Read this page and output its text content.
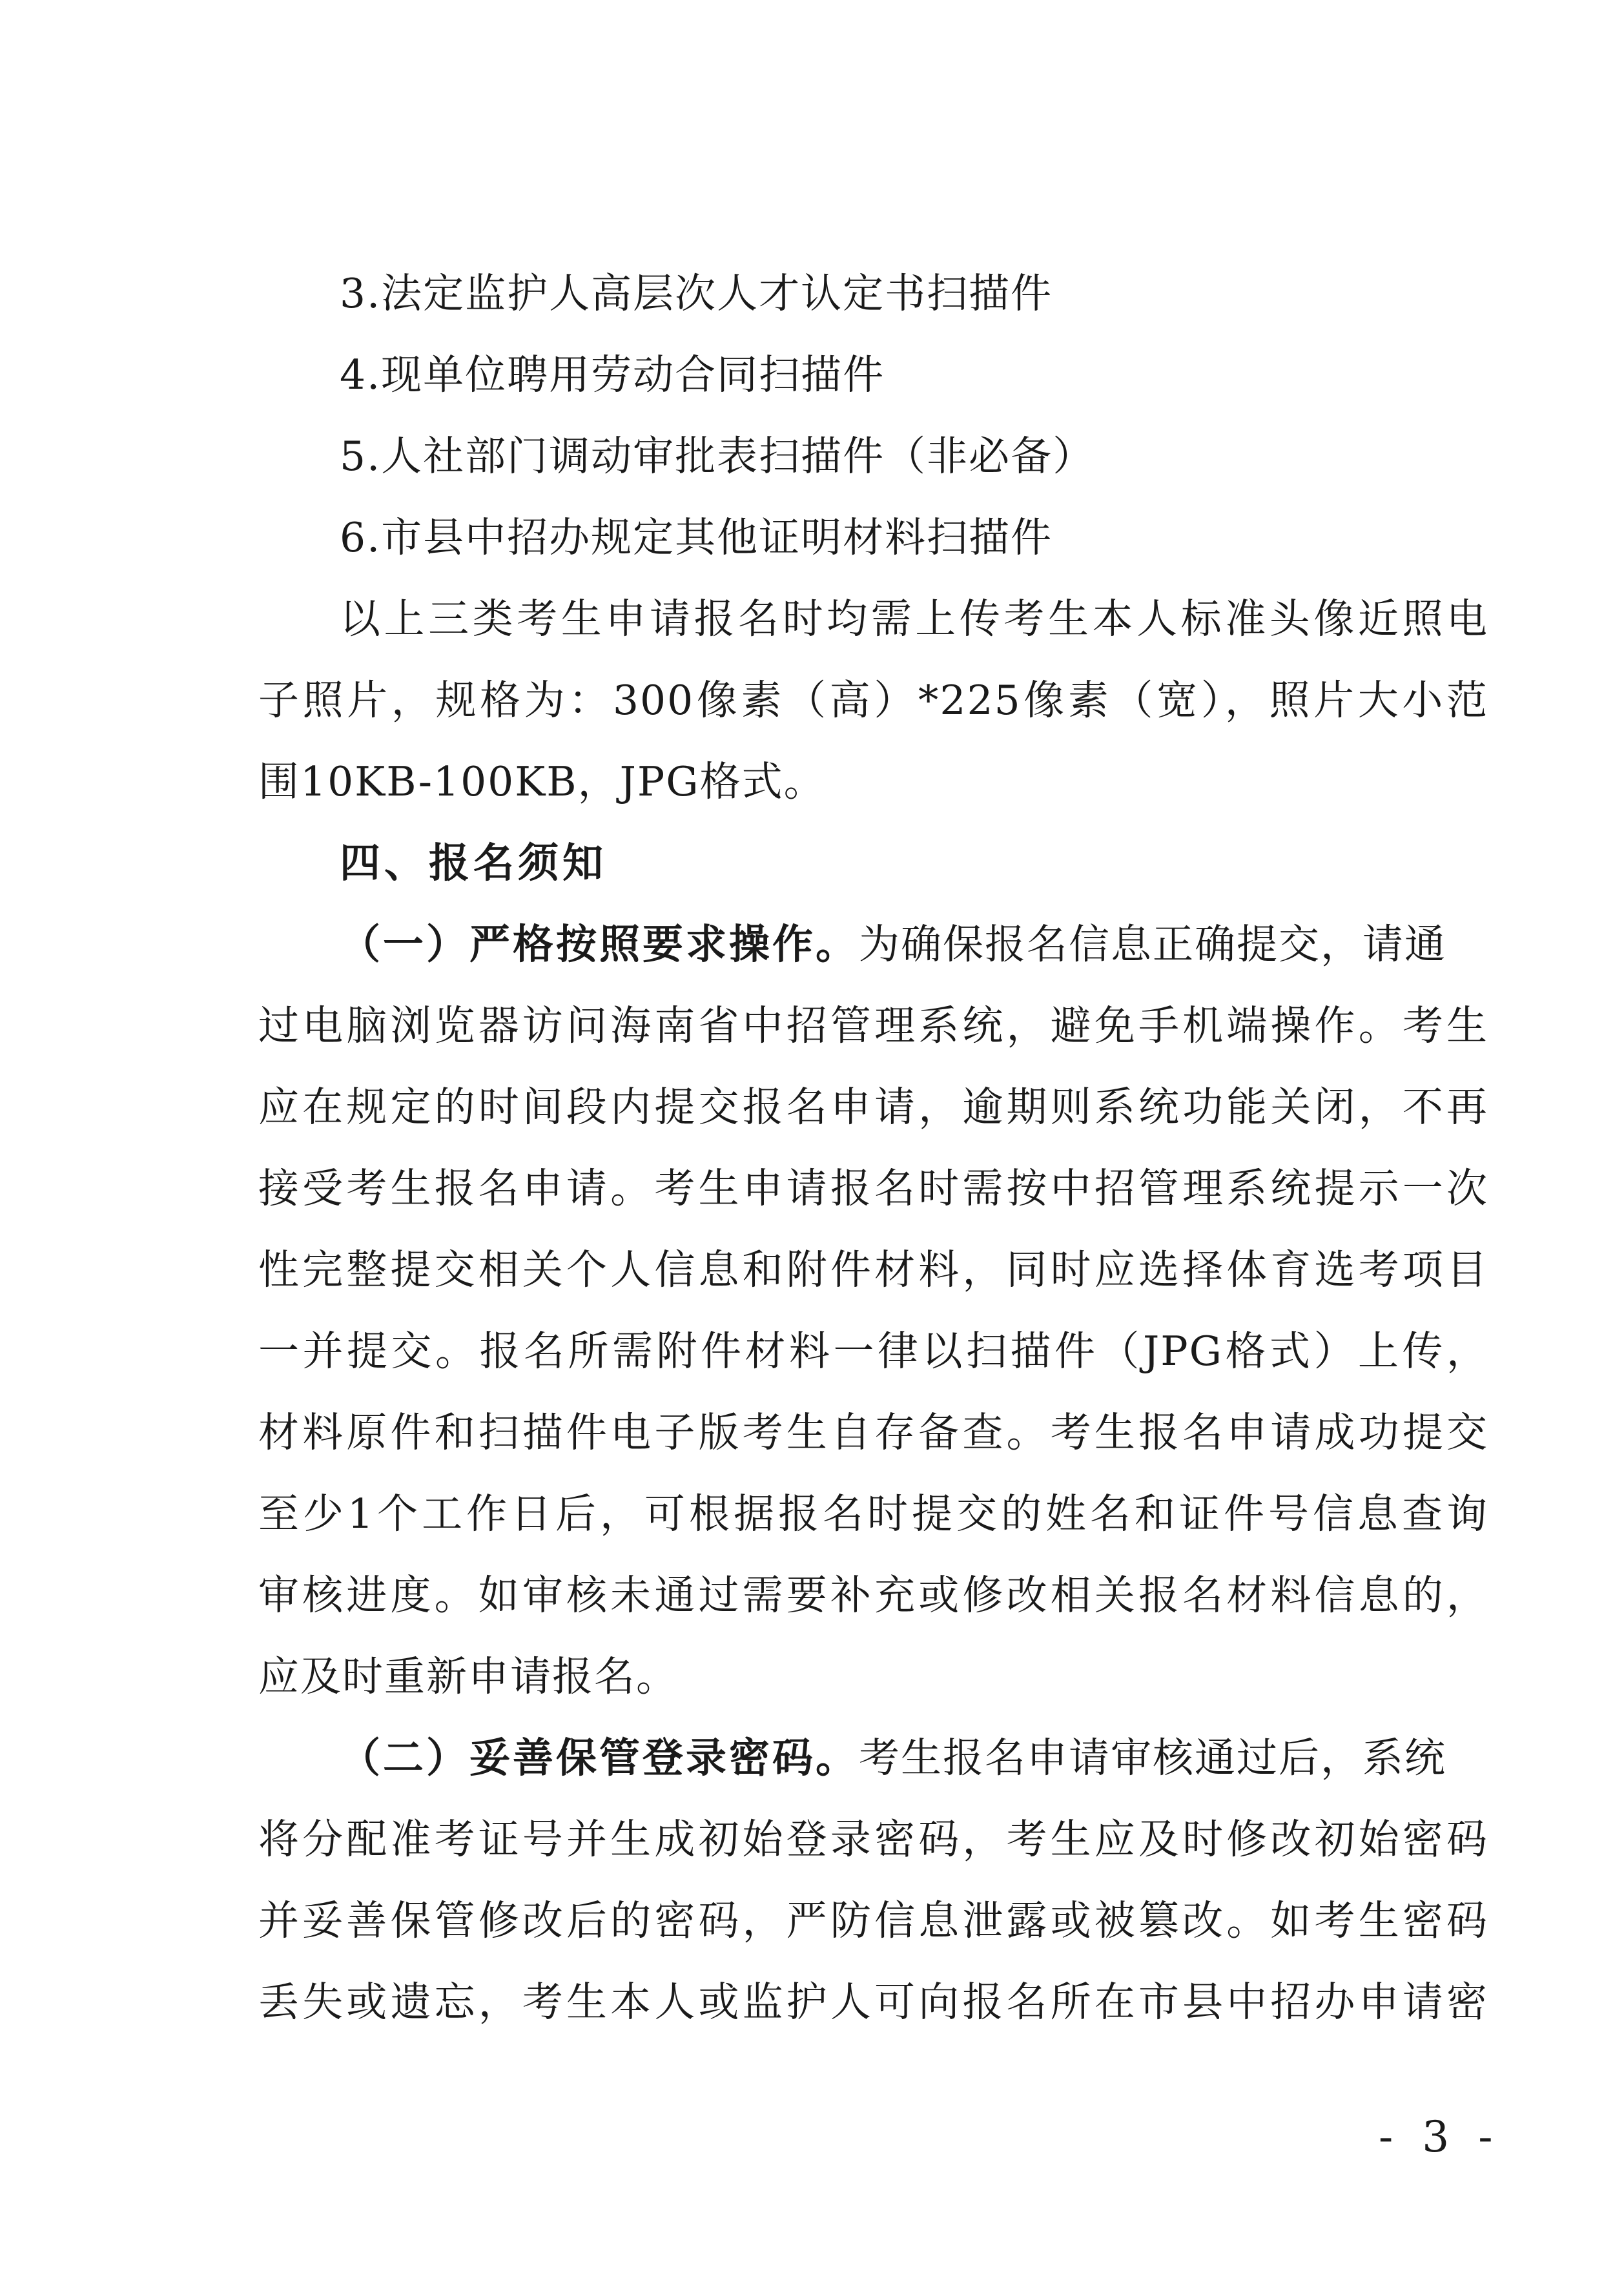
3.法定监护人高层次人才认定书扫描件
4.现单位聘用劳动合同扫描件
5.人社部门调动审批表扫描件（非必备）
6.市县中招办规定其他证明材料扫描件
以上三类考生申请报名时均需上传考生本人标准头像近照电
子照片，规格为：300像素（高）*225像素（宽），照片大小范
围10KB-100KB，JPG格式。
四、报名须知
（一）严格按照要求操作。为确保报名信息正确提交，请通
过电脑浏览器访问海南省中招管理系统，避免手机端操作。考生
应在规定的时间段内提交报名申请，逾期则系统功能关闭，不再
接受考生报名申请。考生申请报名时需按中招管理系统提示一次
性完整提交相关个人信息和附件材料，同时应选择体育选考项目
一并提交。报名所需附件材料一律以扫描件（JPG格式）上传，
材料原件和扫描件电子版考生自存备查。考生报名申请成功提交
至少1个工作日后，可根据报名时提交的姓名和证件号信息查询
审核进度。如审核未通过需要补充或修改相关报名材料信息的，
应及时重新申请报名。
（二）妥善保管登录密码。考生报名申请审核通过后，系统
将分配准考证号并生成初始登录密码，考生应及时修改初始密码
并妥善保管修改后的密码，严防信息泄露或被篡改。如考生密码
丢失或遗忘，考生本人或监护人可向报名所在市县中招办申请密
- 3 -
